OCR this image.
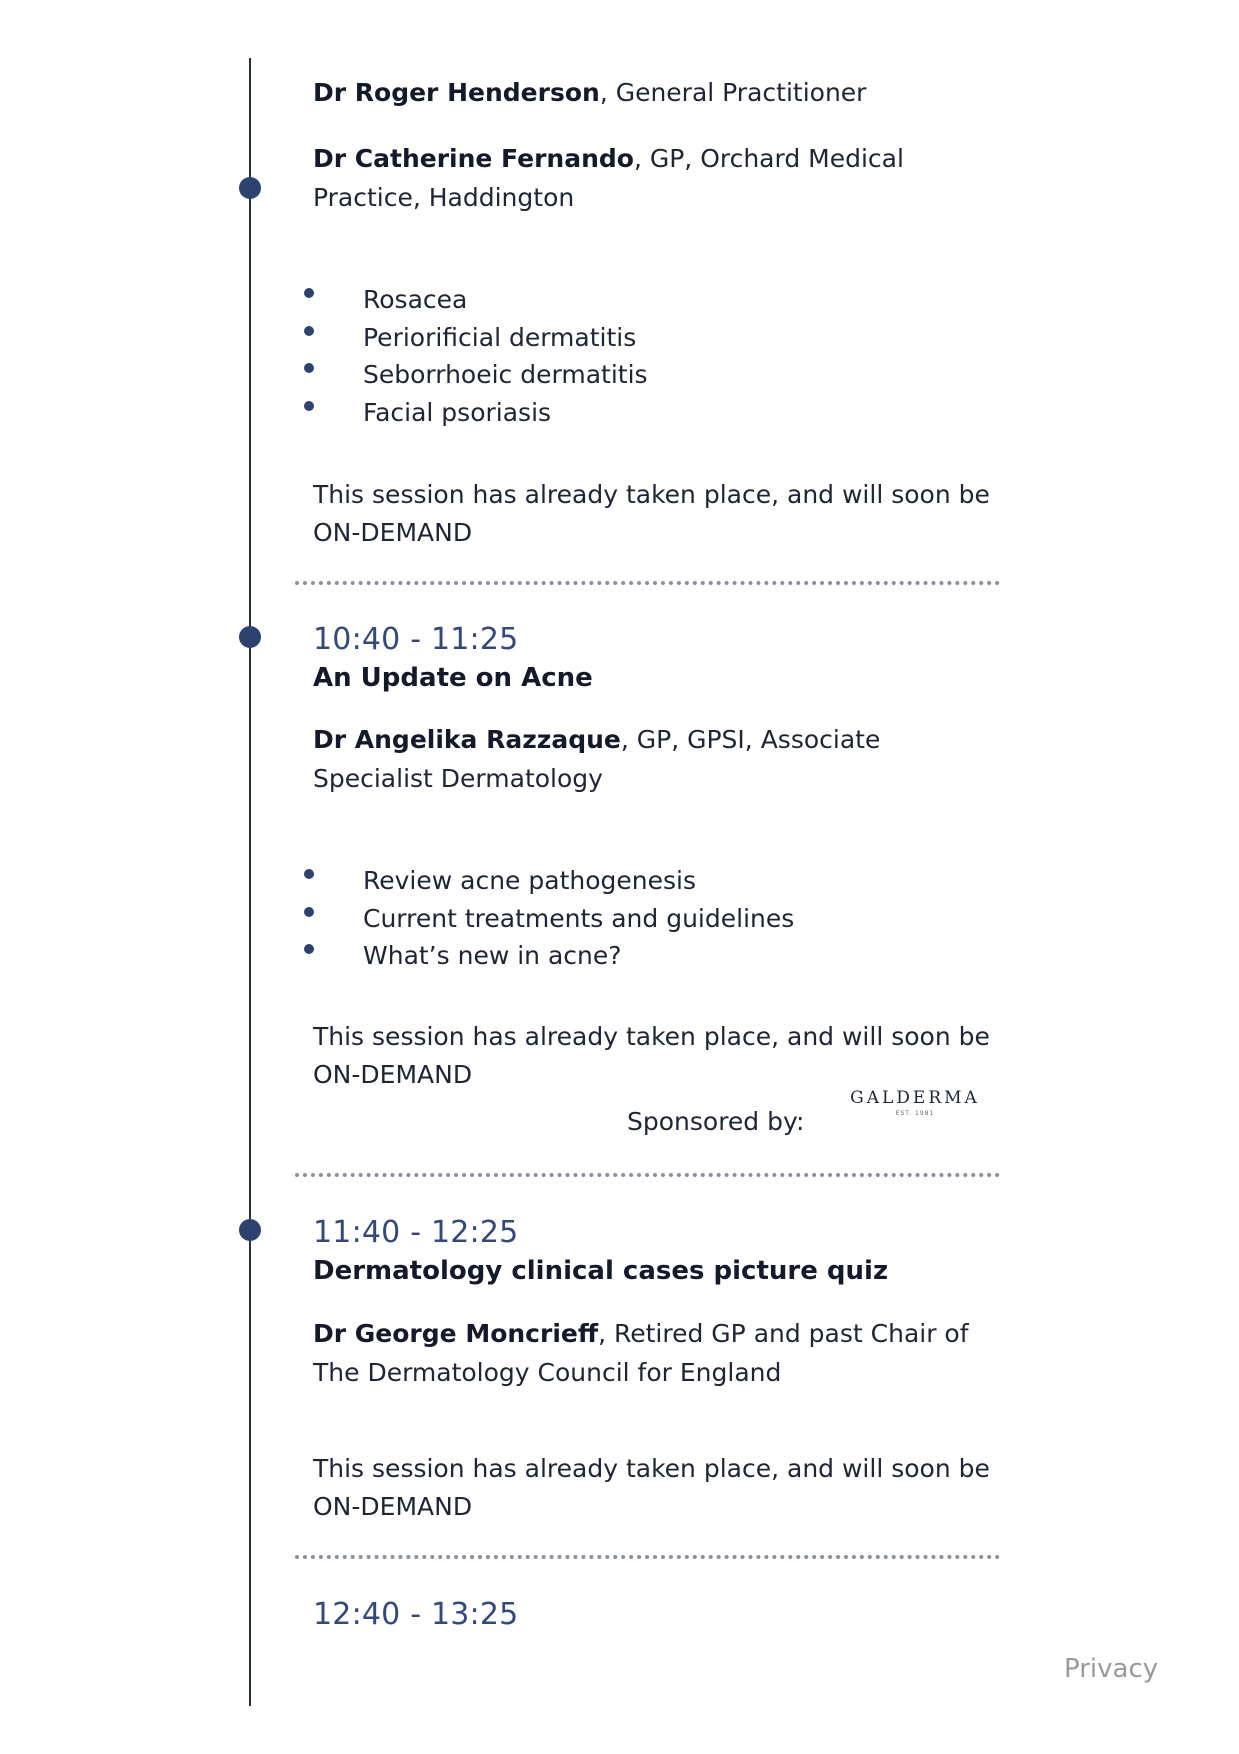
Dr Roger Henderson, General Practitioner
Dr Catherine Fernando, GP, Orchard Medical Practice, Haddington
Rosacea
Periorificial dermatitis
Seborrhoeic dermatitis
Facial psoriasis
This session has already taken place, and will soon be
ON-DEMAND
10:40 - 11:25
An Update on Acne
Dr Angelika Razzaque, GP, GPSI, Associate Specialist Dermatology
Review acne pathogenesis
Current treatments and guidelines
What’s new in acne?
This session has already taken place, and will soon be
ON-DEMAND
Sponsored by:
GALDERMA
EST. 1981
11:40 - 12:25
Dermatology clinical cases picture quiz
Dr George Moncrieff, Retired GP and past Chair of The Dermatology Council for England
This session has already taken place, and will soon be
ON-DEMAND
12:40 - 13:25
Privacy
